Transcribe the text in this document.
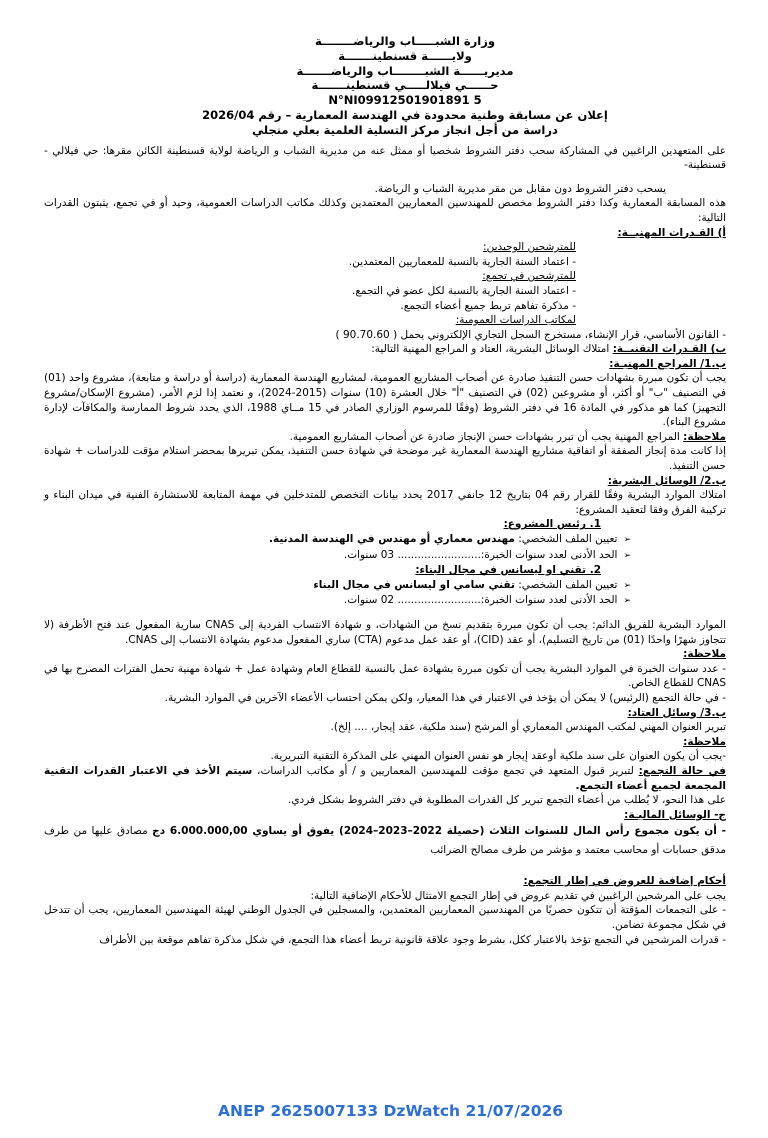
وزارة الشبـــــاب والرياضــــــــة
ولايــــــة قسنطينـــــــة
مديريــــــة الشبــــــــاب والرياضـــــــة
حــــــي فيلالـــــي قسنطينـــــــة
N°NI09912501901891 5
إعلان عن مسابقة وطنية محدودة في الهندسة المعمارية – رقم 2026/04
دراسة من أجل انجاز مركز التسلية العلمية بعلي منجلي

على المتعهدين الراغبين في المشاركة سحب دفتر الشروط شخصيا أو ممثل عنه من مديرية الشباب و الرياضة لولاية قسنطينة الكائن مقرها: حي فيلالي - قسنطينة-

يسحب دفتر الشروط دون مقابل من مقر مديرية الشباب و الرياضة.

هذه المسابقة المعمارية وكذا دفتر الشروط مخصص للمهندسين المعماريين المعتمدين وكذلك مكاتب الدراسات العمومية، وحيد أو في تجمع، يثبتون القدرات التالية:

أ) القـدرات المهنيــة:

للمترشحين الوحيدين:

- اعتماد السنة الجارية بالنسبة للمعماريين المعتمدين.

للمترشحين في تجمع:

- اعتماد السنة الجارية بالنسبة لكل عضو في التجمع.

- مذكرة تفاهم تربط جميع أعضاء التجمع.

لمكاتب الدراسات العمومية:

- القانون الأساسي، قرار الإنشاء، مستخرج السجل التجاري الإلكتروني يحمل ( 90.70.60 )

ب) القـدرات التقنيــة: امتلاك الوسائل البشرية، العتاد و المراجع المهنية التالية:

ب.1/ المراجع المهنيـة:

يجب أن تكون مبررة بشهادات حسن التنفيذ صادرة عن أصحاب المشاريع العمومية، لمشاريع الهندسة المعمارية (دراسة أو دراسة و متابعة)، مشروع واحد (01) في التصنيف "ب" أو أكثر، أو مشروعين (02) في التصنيف "أ" خلال العشرة (10) سنوات (2015-2024)، و نعتمد إذا لزم الأمر، (مشروع الإسكان/مشروع التجهيز) كما هو مذكور في المادة 16 في دفتر الشروط (وفقًا للمرسوم الوزاري الصادر في 15 مــاي 1988، الذي يحدد شروط الممارسة والمكافآت لإدارة مشروع البناء).

ملاحظة: المراجع المهنية يجب أن تبرر بشهادات حسن الإنجاز صادرة عن أصحاب المشاريع العمومية.

إذا كانت مدة إنجاز الصفقة أو اتفاقية مشاريع الهندسة المعمارية غير موضحة في شهادة حسن التنفيذ، يمكن تبريرها بمحضر استلام مؤقت للدراسات + شهادة حسن التنفيذ.

ب.2/ الوسائل البشرية:

امتلاك الموارد البشرية وفقًا للقرار رقم 04 بتاريخ 12 جانفي 2017 يحدد بيانات التخصص للمتدخلين في مهمة المتابعة للاستشارة الفنية في ميدان البناء و تركيبة الفرق وفقا لتعقيد المشروع:

1. رئيس المشروع:

➢تعيين الملف الشخصي: مهندس معماري أو مهندس في الهندسة المدنية.

➢الحد الأدنى لعدد سنوات الخبرة:......................... 03 سنوات.

2. تقني او ليسانس في مجال البناء:

➢تعيين الملف الشخصي: تقني سامي او ليسانس في مجال البناء

➢الحد الأدنى لعدد سنوات الخبرة:......................... 02 سنوات.

الموارد البشرية للفريق الدائم: يجب أن تكون مبررة بتقديم نسخ من الشهادات، و شهادة الانتساب الفردية إلى CNAS سارية المفعول عند فتح الأظرفة (لا تتجاوز شهرًا واحدًا (01) من تاريخ التسليم)، أو عقد (CID)، أو عقد عمل مدعوم (CTA) ساري المفعول مدعوم بشهادة الانتساب إلى CNAS.

ملاحظة:

- عدد سنوات الخبرة في الموارد البشرية يجب أن تكون مبررة بشهادة عمل بالنسبة للقطاع العام وشهادة عمل + شهادة مهنية تحمل الفترات المصرح بها في CNAS للقطاع الخاص.

- في حالة التجمع (الرئيس) لا يمكن أن يؤخذ في الاعتبار في هذا المعيار، ولكن يمكن احتساب الأعضاء الآخرين في الموارد البشرية.

ب.3/ وسائل العتاد:

تبرير العنوان المهني لمكتب المهندس المعماري أو المرشح (سند ملكية، عقد إيجار، .... إلخ).

ملاحظة:

-يجب أن يكون العنوان على سند ملكية أوعقد إيجار هو نفس العنوان المهني على المذكرة التقنية التبريرية.

في حالة التجمع: لتبرير قبول المتعهد في تجمع مؤقت للمهندسين المعماريين و / أو مكاتب الدراسات، سيتم الأخذ في الاعتبار القدرات التقنية المجمعة لجميع أعضاء التجمع.

على هذا النحو، لا يُطلب من أعضاء التجمع تبرير كل القدرات المطلوبة في دفتر الشروط بشكل فردي.

ج- الوسائل الماليـة:

- أن يكون مجموع رأس المال للسنوات الثلاث (حصيلة 2022–2023–2024) يفوق أو يساوي 6.000.000,00 دج مصادق عليها من طرف مدقق حسابات أو محاسب معتمد و مؤشر من طرف مصالح الضرائب

أحكام إضافية للعروض في إطار التجمع:

يجب على المرشحين الراغبين في تقديم عروض في إطار التجمع الامتثال للأحكام الإضافية التالية:

- على التجمعات المؤقتة أن تتكون حصريًا من المهندسين المعماريين المعتمدين، والمسجلين في الجدول الوطني لهيئة المهندسين المعماريين، يجب أن تتدخل في شكل مجموعة تضامن.

- قدرات المرشحين في التجمع تؤخذ بالاعتبار ككل، بشرط وجود علاقة قانونية تربط أعضاء هذا التجمع، في شكل مذكرة تفاهم موقعة بين الأطراف

ANEP 2625007133 DzWatch 21/07/2026
